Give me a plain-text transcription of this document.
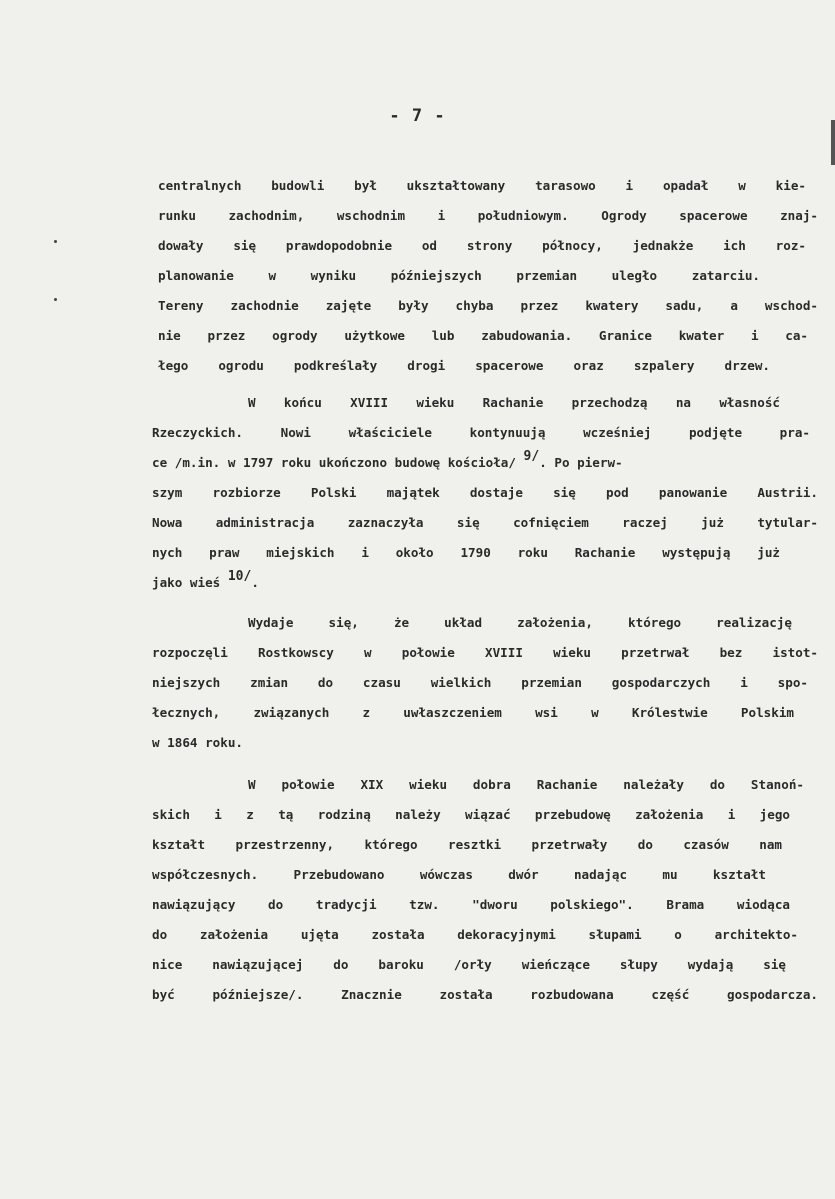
- 7 -
centralnych budowli był ukształtowany tarasowo i opadał w kie-
runku zachodnim, wschodnim i południowym. Ogrody spacerowe znaj-
dowały się prawdopodobnie od strony północy, jednakże ich roz-
planowanie w wyniku późniejszych przemian uległo zatarciu.
Tereny zachodnie zajęte były chyba przez kwatery sadu, a wschod-
nie przez ogrody użytkowe lub zabudowania. Granice kwater i ca-
łego ogrodu podkreślały drogi spacerowe oraz szpalery drzew.
W końcu XVIII wieku Rachanie przechodzą na własność
Rzeczyckich. Nowi właściciele kontynuują wcześniej podjęte pra-
ce /m.in. w 1797 roku ukończono budowę kościoła/ 9/. Po pierw-
szym rozbiorze Polski majątek dostaje się pod panowanie Austrii.
Nowa administracja zaznaczyła się cofnięciem raczej już tytular-
nych praw miejskich i około 1790 roku Rachanie występują już
jako wieś 10/.
Wydaje się, że układ założenia, którego realizację
rozpoczęli Rostkowscy w połowie XVIII wieku przetrwał bez istot-
niejszych zmian do czasu wielkich przemian gospodarczych i spo-
łecznych, związanych z uwłaszczeniem wsi w Królestwie Polskim
w 1864 roku.
W połowie XIX wieku dobra Rachanie należały do Stanoń-
skich i z tą rodziną należy wiązać przebudowę założenia i jego
kształt przestrzenny, którego resztki przetrwały do czasów nam
współczesnych. Przebudowano wówczas dwór nadając mu kształt
nawiązujący do tradycji tzw. "dworu polskiego". Brama wiodąca
do założenia ujęta została dekoracyjnymi słupami o architekto-
nice nawiązującej do baroku /orły wieńczące słupy wydają się
być późniejsze/. Znacznie została rozbudowana część gospodarcza.
